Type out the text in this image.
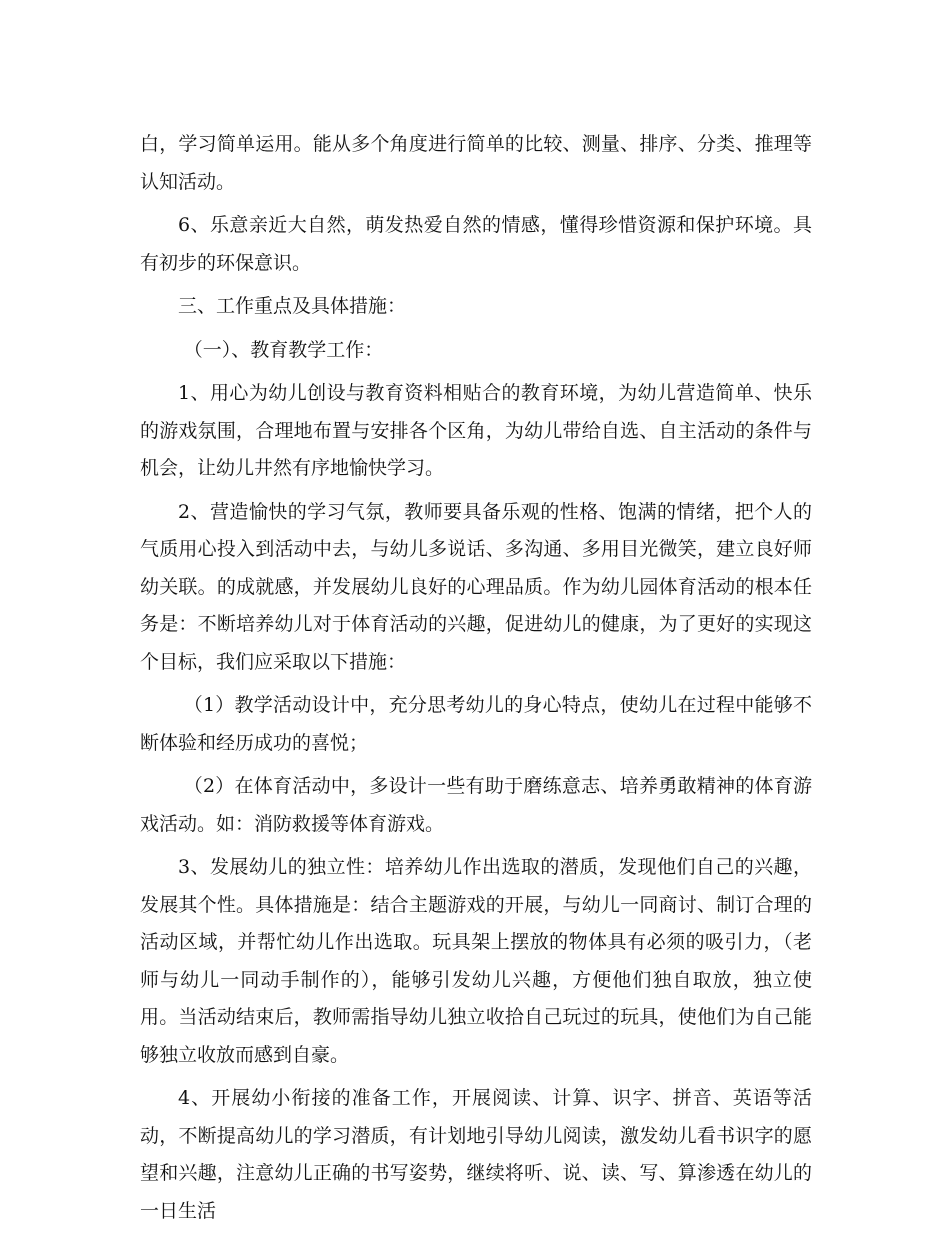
白，学习简单运用。能从多个角度进行简单的比较、测量、排序、分类、推理等认知活动。

6、乐意亲近大自然，萌发热爱自然的情感，懂得珍惜资源和保护环境。具有初步的环保意识。

三、工作重点及具体措施：

（一）、教育教学工作：

1、用心为幼儿创设与教育资料相贴合的教育环境，为幼儿营造简单、快乐的游戏氛围，合理地布置与安排各个区角，为幼儿带给自选、自主活动的条件与机会，让幼儿井然有序地愉快学习。

2、营造愉快的学习气氛，教师要具备乐观的性格、饱满的情绪，把个人的气质用心投入到活动中去，与幼儿多说话、多沟通、多用目光微笑，建立良好师幼关联。的成就感，并发展幼儿良好的心理品质。作为幼儿园体育活动的根本任务是：不断培养幼儿对于体育活动的兴趣，促进幼儿的健康，为了更好的实现这个目标，我们应采取以下措施：

（1）教学活动设计中，充分思考幼儿的身心特点，使幼儿在过程中能够不断体验和经历成功的喜悦；

（2）在体育活动中，多设计一些有助于磨练意志、培养勇敢精神的体育游戏活动。如：消防救援等体育游戏。

3、发展幼儿的独立性：培养幼儿作出选取的潜质，发现他们自己的兴趣，发展其个性。具体措施是：结合主题游戏的开展，与幼儿一同商讨、制订合理的活动区域，并帮忙幼儿作出选取。玩具架上摆放的物体具有必须的吸引力，（老师与幼儿一同动手制作的），能够引发幼儿兴趣，方便他们独自取放，独立使用。当活动结束后，教师需指导幼儿独立收拾自己玩过的玩具，使他们为自己能够独立收放而感到自豪。

4、开展幼小衔接的准备工作，开展阅读、计算、识字、拼音、英语等活动，不断提高幼儿的学习潜质，有计划地引导幼儿阅读，激发幼儿看书识字的愿望和兴趣，注意幼儿正确的书写姿势，继续将听、说、读、写、算渗透在幼儿的一日生活
